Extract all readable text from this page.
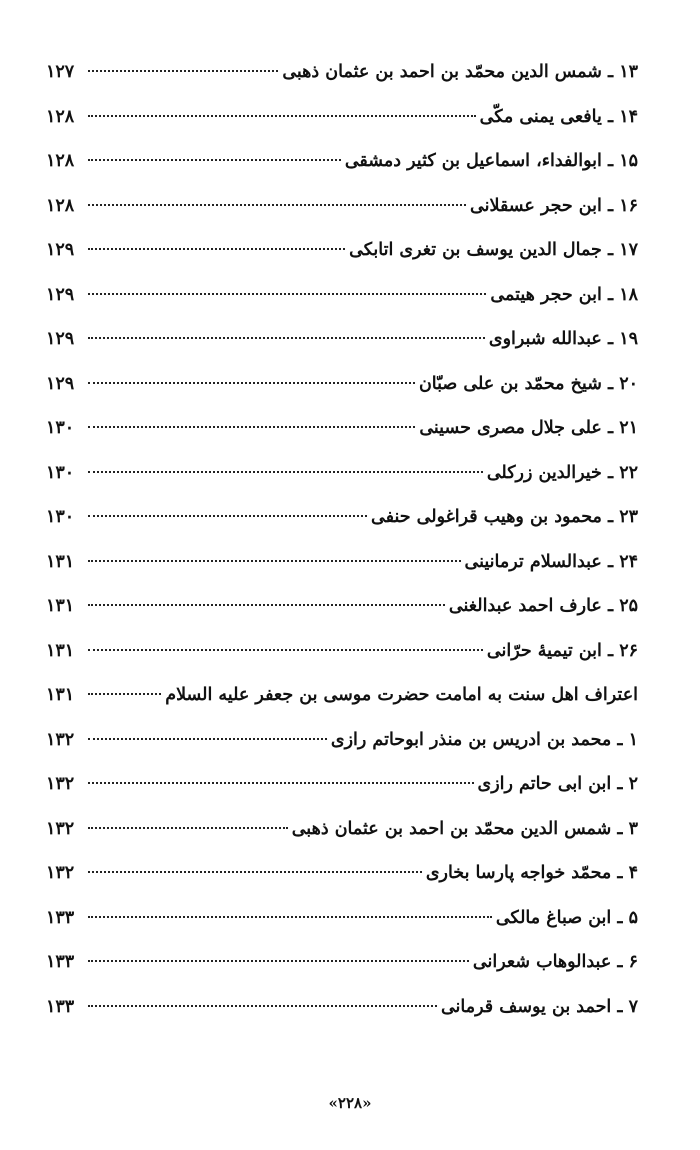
۱۳ ـ شمس الدین محمّد بن احمد بن عثمان ذهبی
۱۲۷
۱۴ ـ یافعی یمنی مکّی
۱۲۸
۱۵ ـ ابوالفداء، اسماعیل بن کثیر دمشقی
۱۲۸
۱۶ ـ ابن حجر عسقلانی
۱۲۸
۱۷ ـ جمال الدین یوسف بن تغری اتابکی
۱۲۹
۱۸ ـ ابن حجر هیتمی
۱۲۹
۱۹ ـ عبدالله شبراوی
۱۲۹
۲۰ ـ شیخ محمّد بن علی صبّان
۱۲۹
۲۱ ـ علی جلال مصری حسینی
۱۳۰
۲۲ ـ خیرالدین زرکلی
۱۳۰
۲۳ ـ محمود بن وهیب قراغولی حنفی
۱۳۰
۲۴ ـ عبدالسلام ترمانینی
۱۳۱
۲۵ ـ عارف احمد عبدالغنی
۱۳۱
۲۶ ـ ابن تیمیۀ حرّانی
۱۳۱
اعتراف اهل سنت به امامت حضرت موسی بن جعفر علیه السلام
۱۳۱
۱ ـ محمد بن ادریس بن منذر ابوحاتم رازی
۱۳۲
۲ ـ ابن ابی حاتم رازی
۱۳۲
۳ ـ شمس الدین محمّد بن احمد بن عثمان ذهبی
۱۳۲
۴ ـ محمّد خواجه پارسا بخاری
۱۳۲
۵ ـ ابن صباغ مالکی
۱۳۳
۶ ـ عبدالوهاب شعرانی
۱۳۳
۷ ـ احمد بن یوسف قرمانی
۱۳۳
«۲۲۸»
